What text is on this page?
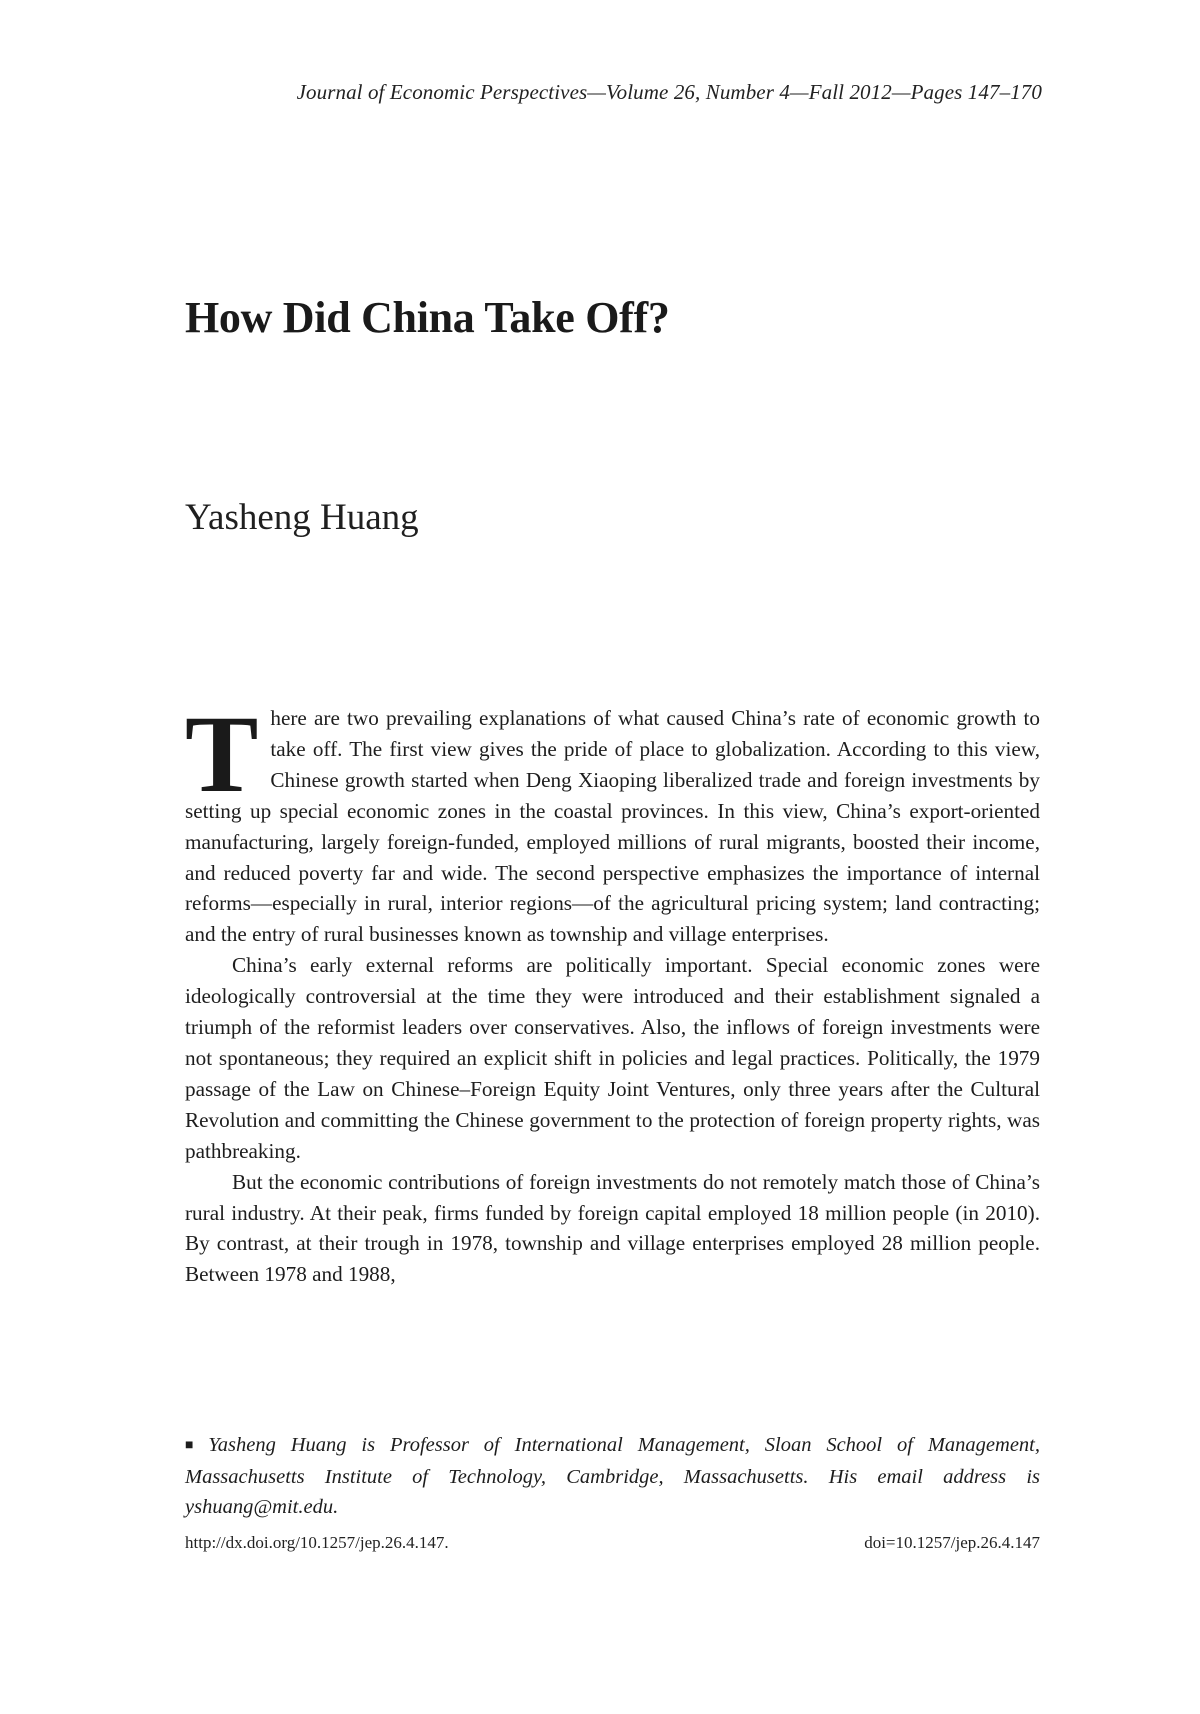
Journal of Economic Perspectives—Volume 26, Number 4—Fall 2012—Pages 147–170
How Did China Take Off?
Yasheng Huang

There are two prevailing explanations of what caused China’s rate of economic growth to take off. The first view gives the pride of place to globalization. According to this view, Chinese growth started when Deng Xiaoping liberalized trade and foreign investments by setting up special economic zones in the coastal provinces. In this view, China’s export-oriented manufacturing, largely foreign-funded, employed millions of rural migrants, boosted their income, and reduced poverty far and wide. The second perspective emphasizes the importance of internal reforms—especially in rural, interior regions—of the agricultural pricing system; land contracting; and the entry of rural businesses known as township and village enterprises.

China’s early external reforms are politically important. Special economic zones were ideologically controversial at the time they were introduced and their establishment signaled a triumph of the reformist leaders over conservatives. Also, the inflows of foreign investments were not spontaneous; they required an explicit shift in policies and legal practices. Politically, the 1979 passage of the Law on Chinese–Foreign Equity Joint Ventures, only three years after the Cultural Revolution and committing the Chinese government to the protection of foreign property rights, was pathbreaking.

But the economic contributions of foreign investments do not remotely match those of China’s rural industry. At their peak, firms funded by foreign capital employed 18 million people (in 2010). By contrast, at their trough in 1978, township and village enterprises employed 28 million people. Between 1978 and 1988,

■ Yasheng Huang is Professor of International Management, Sloan School of Management, Massachusetts Institute of Technology, Cambridge, Massachusetts. His email address is yshuang@mit.edu.
http://dx.doi.org/10.1257/jep.26.4.147.	doi=10.1257/jep.26.4.147
